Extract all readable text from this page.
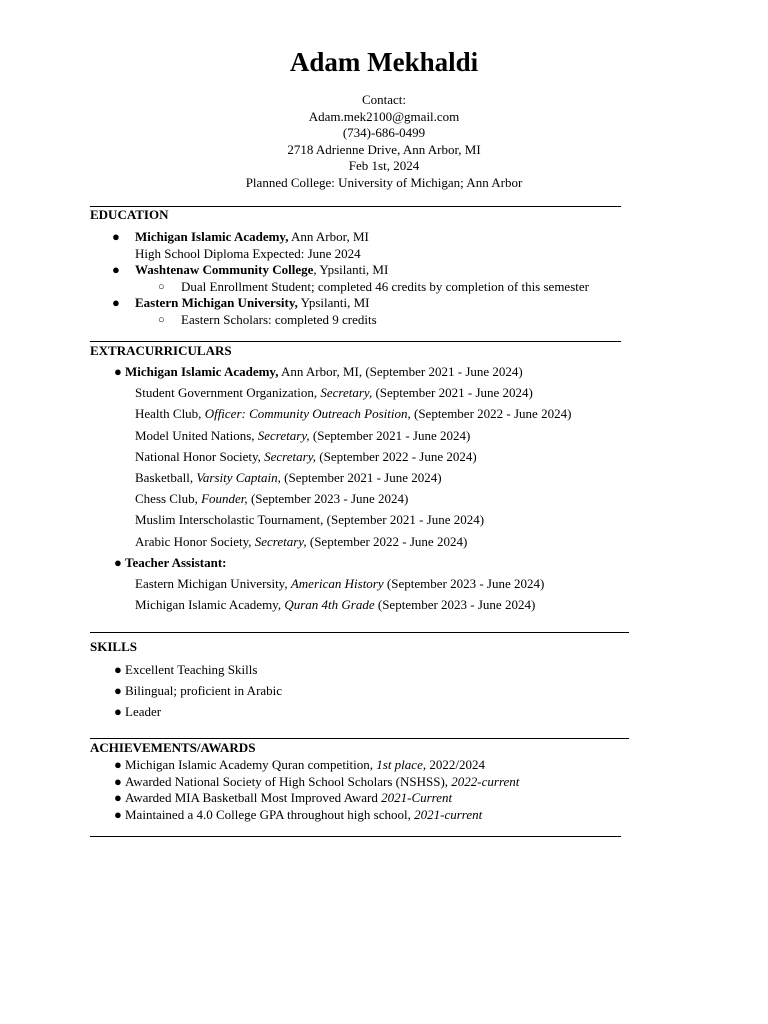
Adam Mekhaldi
Contact:
Adam.mek2100@gmail.com
(734)-686-0499
2718 Adrienne Drive, Ann Arbor, MI
Feb 1st, 2024
Planned College: University of Michigan; Ann Arbor
EDUCATION
● Michigan Islamic Academy, Ann Arbor, MI
High School Diploma Expected: June 2024
● Washtenaw Community College, Ypsilanti, MI
○ Dual Enrollment Student; completed 46 credits by completion of this semester
● Eastern Michigan University, Ypsilanti, MI
○ Eastern Scholars: completed 9 credits
EXTRACURRICULARS
● Michigan Islamic Academy, Ann Arbor, MI, (September 2021 - June 2024)
Student Government Organization, Secretary, (September 2021 - June 2024)
Health Club, Officer: Community Outreach Position, (September 2022 - June 2024)
Model United Nations, Secretary, (September 2021 - June 2024)
National Honor Society, Secretary, (September 2022 - June 2024)
Basketball, Varsity Captain, (September 2021 - June 2024)
Chess Club, Founder, (September 2023 - June 2024)
Muslim Interscholastic Tournament, (September 2021 - June 2024)
Arabic Honor Society, Secretary, (September 2022 - June 2024)
● Teacher Assistant:
Eastern Michigan University, American History (September 2023 - June 2024)
Michigan Islamic Academy, Quran 4th Grade (September 2023 - June 2024)
SKILLS
● Excellent Teaching Skills
● Bilingual; proficient in Arabic
● Leader
ACHIEVEMENTS/AWARDS
● Michigan Islamic Academy Quran competition, 1st place, 2022/2024
● Awarded National Society of High School Scholars (NSHSS), 2022-current
● Awarded MIA Basketball Most Improved Award 2021-Current
● Maintained a 4.0 College GPA throughout high school, 2021-current
